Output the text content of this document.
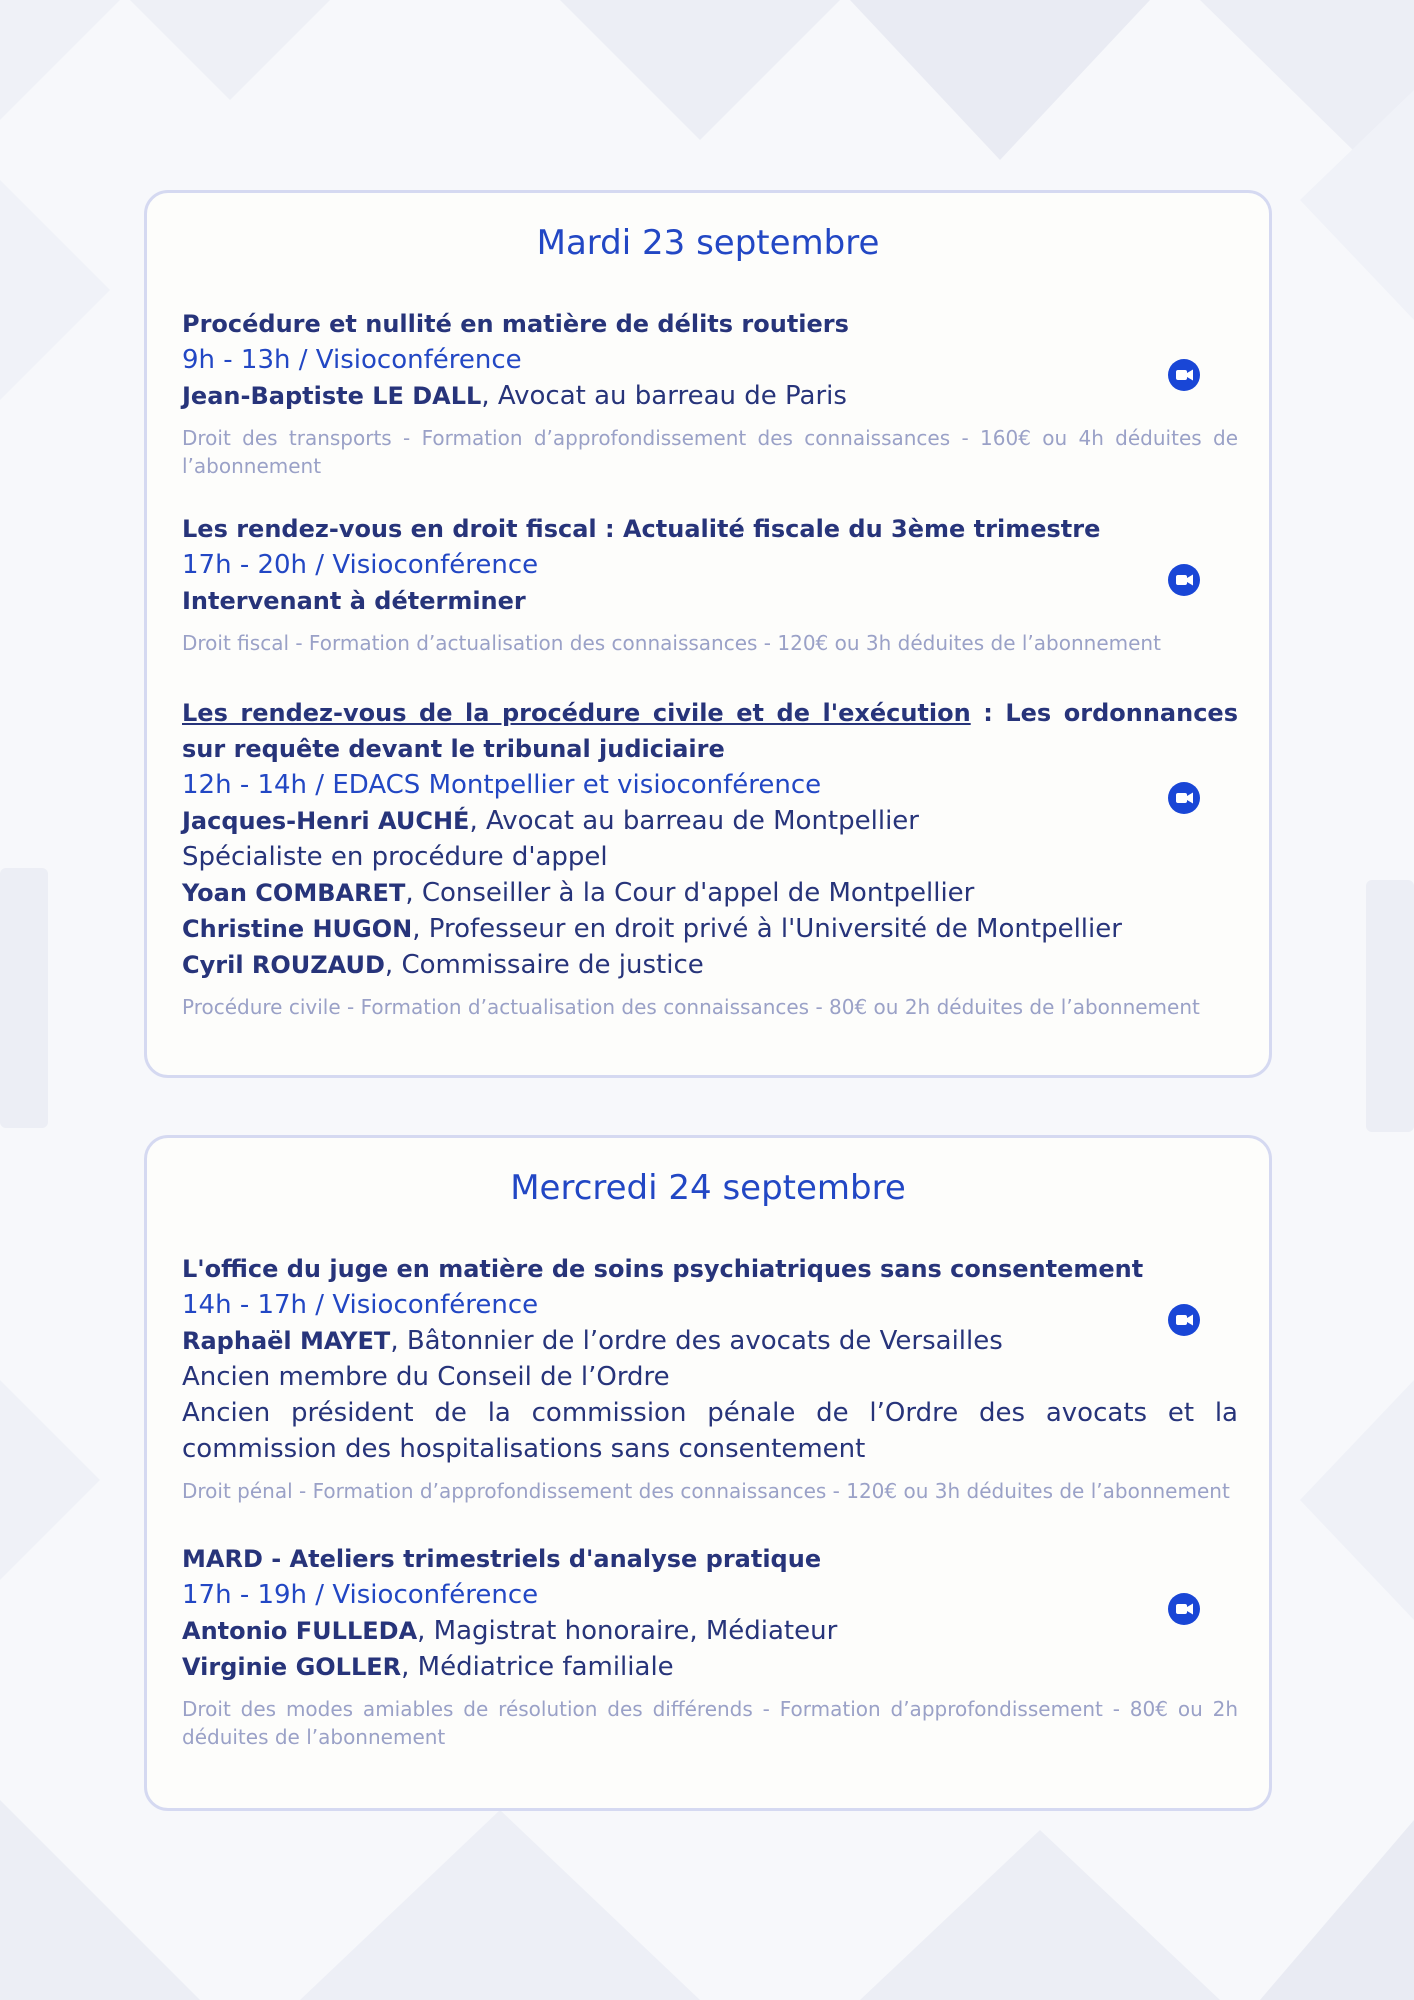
Mardi 23 septembre
Procédure et nullité en matière de délits routiers
9h - 13h / Visioconférence
Jean-Baptiste LE DALL, Avocat au barreau de Paris
Droit des transports - Formation d’approfondissement des connaissances - 160€ ou 4h déduites de l’abonnement
Les rendez-vous en droit fiscal : Actualité fiscale du 3ème trimestre
17h - 20h / Visioconférence
Intervenant à déterminer
Droit fiscal - Formation d’actualisation des connaissances - 120€ ou 3h déduites de l’abonnement
Les rendez-vous de la procédure civile et de l'exécution : Les ordonnances sur requête devant le tribunal judiciaire
12h - 14h / EDACS Montpellier et visioconférence
Jacques-Henri AUCHÉ, Avocat au barreau de Montpellier
Spécialiste en procédure d'appel
Yoan COMBARET, Conseiller à la Cour d'appel de Montpellier
Christine HUGON, Professeur en droit privé à l'Université de Montpellier
Cyril ROUZAUD, Commissaire de justice
Procédure civile - Formation d’actualisation des connaissances - 80€ ou 2h déduites de l’abonnement
Mercredi 24 septembre
L'office du juge en matière de soins psychiatriques sans consentement
14h - 17h / Visioconférence
Raphaël MAYET, Bâtonnier de l’ordre des avocats de Versailles
Ancien membre du Conseil de l’Ordre
Ancien président de la commission pénale de l’Ordre des avocats et la commission des hospitalisations sans consentement
Droit pénal - Formation d’approfondissement des connaissances - 120€ ou 3h déduites de l’abonnement
MARD - Ateliers trimestriels d'analyse pratique
17h - 19h / Visioconférence
Antonio FULLEDA, Magistrat honoraire, Médiateur
Virginie GOLLER, Médiatrice familiale
Droit des modes amiables de résolution des différends - Formation d’approfondissement - 80€ ou 2h déduites de l’abonnement
